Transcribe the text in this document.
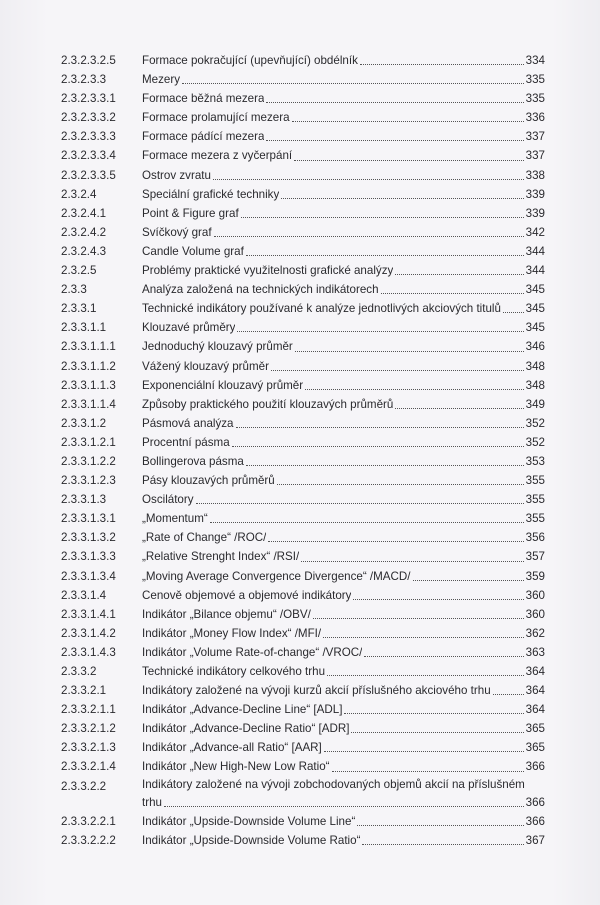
2.3.2.3.2.5	Formace pokračující (upevňující) obdélník	334
2.3.2.3.3	Mezery	335
2.3.2.3.3.1	Formace běžná mezera	335
2.3.2.3.3.2	Formace prolamující mezera	336
2.3.2.3.3.3	Formace pádící mezera	337
2.3.2.3.3.4	Formace mezera z vyčerpání	337
2.3.2.3.3.5	Ostrov zvratu	338
2.3.2.4	Speciální grafické techniky	339
2.3.2.4.1	Point & Figure graf	339
2.3.2.4.2	Svíčkový graf	342
2.3.2.4.3	Candle Volume graf	344
2.3.2.5	Problémy praktické využitelnosti grafické analýzy	344
2.3.3	Analýza založená na technických indikátorech	345
2.3.3.1	Technické indikátory používané k analýze jednotlivých akciových titulů 345
2.3.3.1.1	Klouzavé průměry	345
2.3.3.1.1.1	Jednoduchý klouzavý průměr	346
2.3.3.1.1.2	Vážený klouzavý průměr	348
2.3.3.1.1.3	Exponenciální klouzavý průměr	348
2.3.3.1.1.4	Způsoby praktického použití klouzavých průměrů	349
2.3.3.1.2	Pásmová analýza	352
2.3.3.1.2.1	Procentní pásma	352
2.3.3.1.2.2	Bollingerova pásma	353
2.3.3.1.2.3	Pásy klouzavých průměrů	355
2.3.3.1.3	Oscilátory	355
2.3.3.1.3.1	„Momentum“	355
2.3.3.1.3.2	„Rate of Change“ /ROC/	356
2.3.3.1.3.3	„Relative Strenght Index“ /RSI/	357
2.3.3.1.3.4	„Moving Average Convergence Divergence“ /MACD/	359
2.3.3.1.4	Cenově objemové a objemové indikátory	360
2.3.3.1.4.1	Indikátor „Bilance objemu“ /OBV/	360
2.3.3.1.4.2	Indikátor „Money Flow Index“ /MFI/	362
2.3.3.1.4.3	Indikátor „Volume Rate-of-change“ /VROC/	363
2.3.3.2	Technické indikátory celkového trhu	364
2.3.3.2.1	Indikátory založené na vývoji kurzů akcií příslušného akciového trhu	364
2.3.3.2.1.1	Indikátor „Advance-Decline Line“ [ADL]	364
2.3.3.2.1.2	Indikátor „Advance-Decline Ratio“ [ADR]	365
2.3.3.2.1.3	Indikátor „Advance-all Ratio“ [AAR]	365
2.3.3.2.1.4	Indikátor „New High-New Low Ratio“	366
2.3.3.2.2	Indikátory založené na vývoji zobchodovaných objemů akcií na příslušném
trhu	366
2.3.3.2.2.1	Indikátor „Upside-Downside Volume Line“	366
2.3.3.2.2.2	Indikátor „Upside-Downside Volume Ratio“	367
